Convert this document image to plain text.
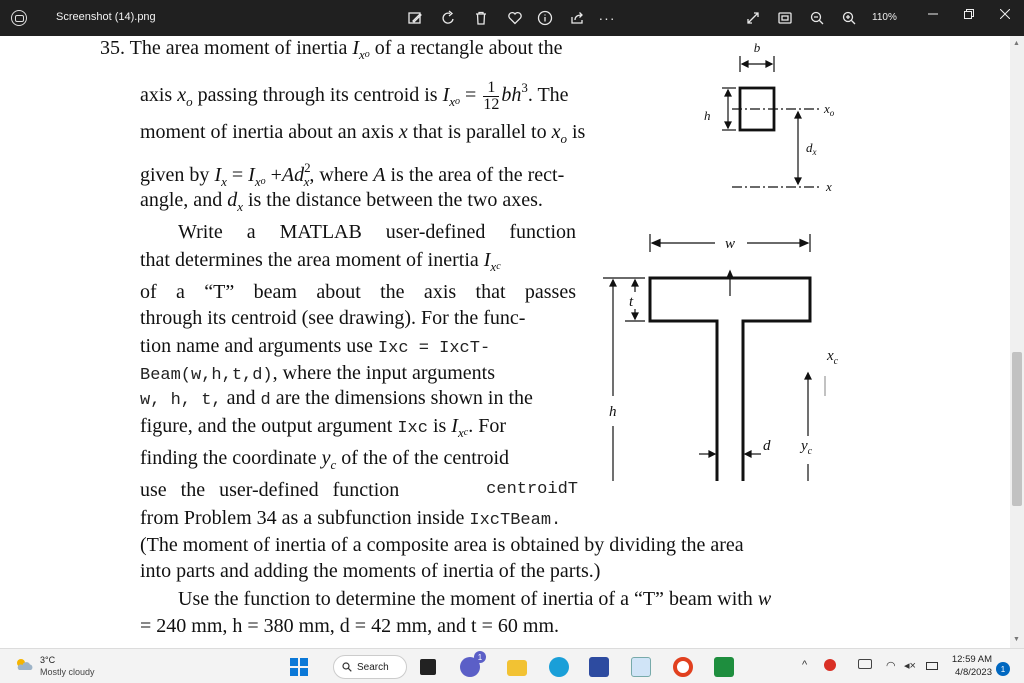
Screenshot (14).png	···	110%
35. The area moment of inertia $I_xo$ of a rectangle about the
axis $x_o$ passing through its centroid is $I_xo = \frac{1}{12} bh^3$. The
moment of inertia about an axis x that is parallel to $x_o$ is
given by $I_x = I_xo +Ad^2_x$, where A is the area of the rect-
angle, and $d_x$ is the distance between the two axes.
Write a MATLAB user-defined function
that determines the area moment of inertia $I_xc$
of a “T” beam about the axis that passes
through its centroid (see drawing). For the func-
tion name and arguments use Ixc = IxcT-
Beam(w,h,t,d), where the input arguments
w, h, t, and d are the dimensions shown in the
figure, and the output argument Ixc is $I_xc$. For
finding the coordinate $y_c$ of the of the centroid
use the user-defined function	centroidT
from Problem 34 as a subfunction inside IxcTBeam.
(The moment of inertia of a composite area is obtained by dividing the area
into parts and adding the moments of inertia of the parts.)
Use the function to determine the moment of inertia of a “T” beam with w
= 240 mm, h = 380 mm, d = 42 mm, and t = 60 mm.
b
h	$x_o$
$d_x$
x
w
t
h
$x_c$
d $y_c$
▲
▼
3°C
Mostly cloudy	Search
1
^	◠ ◂×
12:59 AM
4/8/2023	1
